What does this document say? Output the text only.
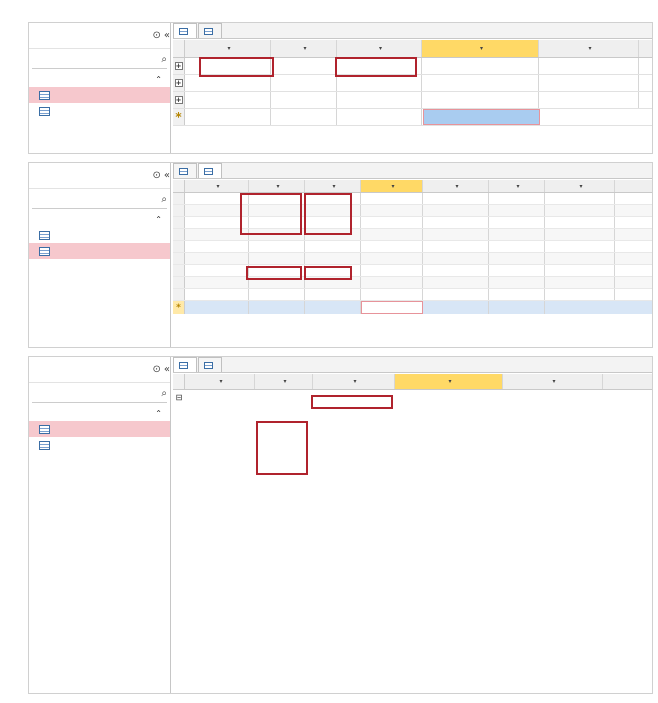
⊙ «
⌕
⌃
▾	▾	▾	▾	▾
+
+
+
*
⊙ «
⌕
⌃
▾	▾	▾	▾	▾	▾	▾
*
⊙ «
⌕
⌃
▾	▾	▾	▾	▾
⊟
